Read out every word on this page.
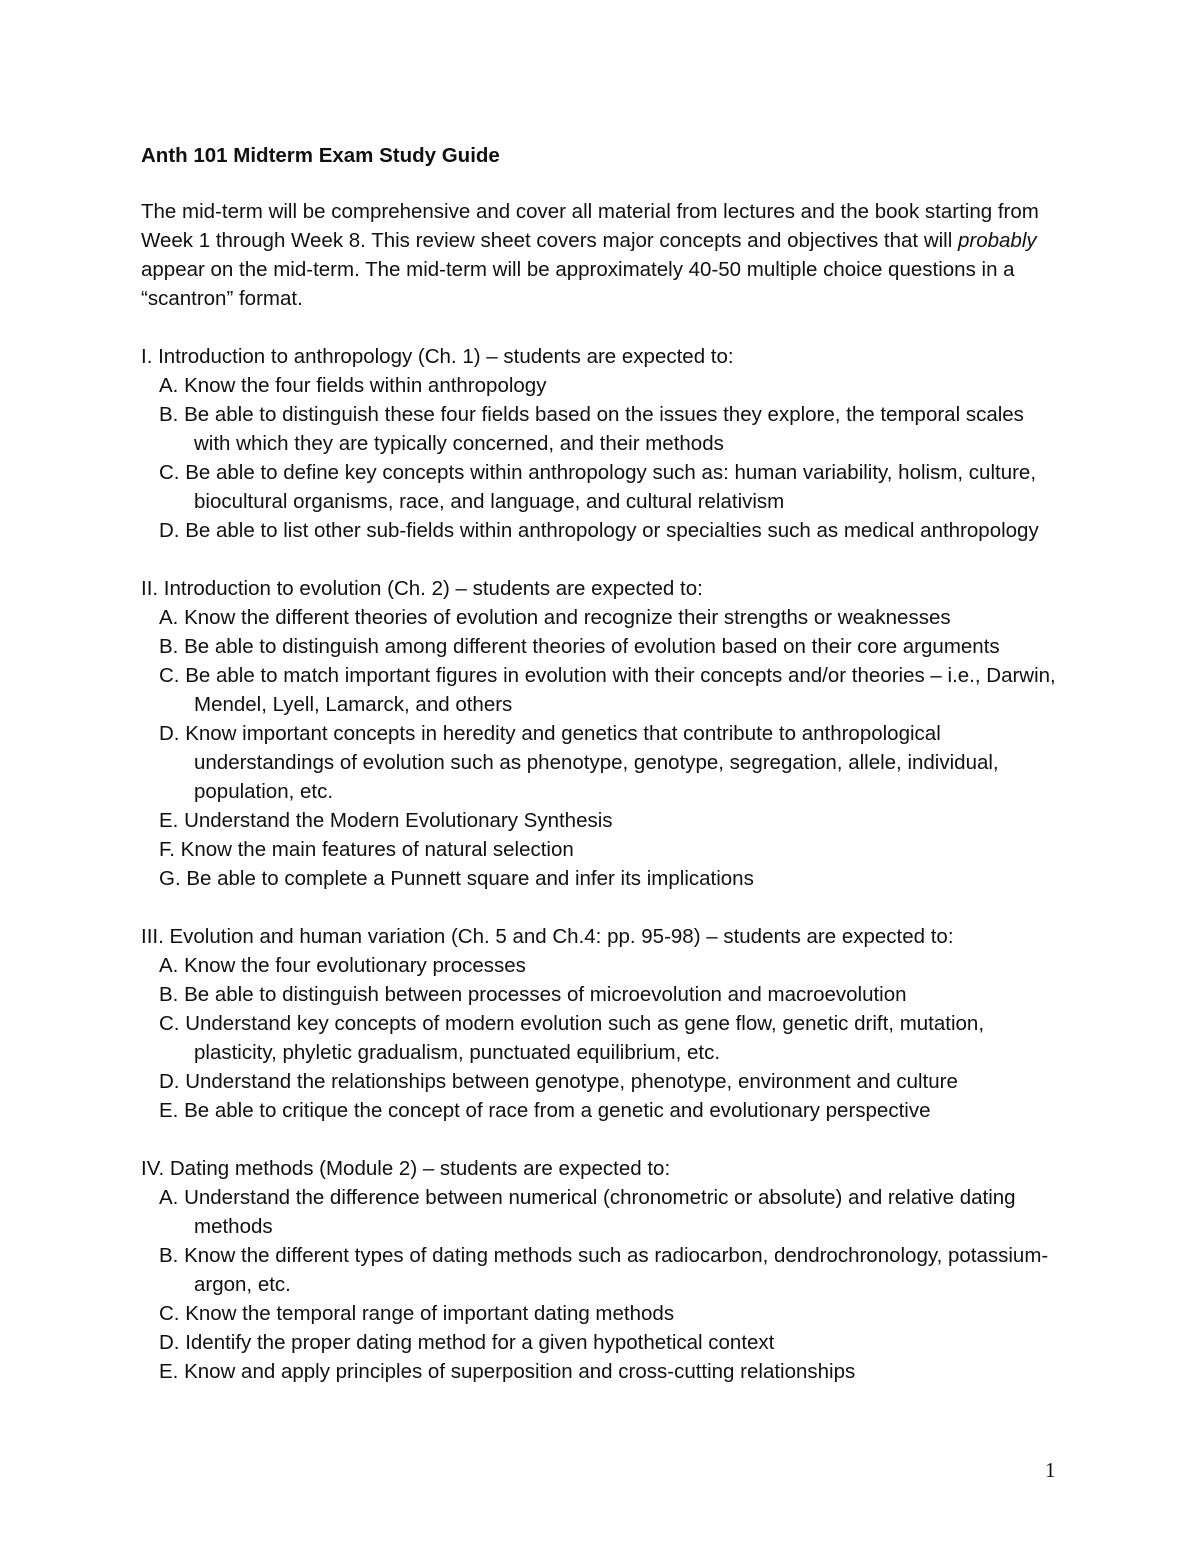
Anth 101 Midterm Exam Study Guide

The mid-term will be comprehensive and cover all material from lectures and the book starting from Week 1 through Week 8. This review sheet covers major concepts and objectives that will probably appear on the mid-term. The mid-term will be approximately 40-50 multiple choice questions in a “scantron” format.

I. Introduction to anthropology (Ch. 1) – students are expected to:

A. Know the four fields within anthropology

B. Be able to distinguish these four fields based on the issues they explore, the temporal scales with which they are typically concerned, and their methods

C. Be able to define key concepts within anthropology such as: human variability, holism, culture, biocultural organisms, race, and language, and cultural relativism

D. Be able to list other sub-fields within anthropology or specialties such as medical anthropology

II. Introduction to evolution (Ch. 2) – students are expected to:

A. Know the different theories of evolution and recognize their strengths or weaknesses

B. Be able to distinguish among different theories of evolution based on their core arguments

C. Be able to match important figures in evolution with their concepts and/or theories – i.e., Darwin, Mendel, Lyell, Lamarck, and others

D. Know important concepts in heredity and genetics that contribute to anthropological understandings of evolution such as phenotype, genotype, segregation, allele, individual, population, etc.

E. Understand the Modern Evolutionary Synthesis

F. Know the main features of natural selection

G. Be able to complete a Punnett square and infer its implications

III. Evolution and human variation (Ch. 5 and Ch.4: pp. 95-98) – students are expected to:

A. Know the four evolutionary processes

B. Be able to distinguish between processes of microevolution and macroevolution

C. Understand key concepts of modern evolution such as gene flow, genetic drift, mutation, plasticity, phyletic gradualism, punctuated equilibrium, etc.

D. Understand the relationships between genotype, phenotype, environment and culture

E. Be able to critique the concept of race from a genetic and evolutionary perspective

IV. Dating methods (Module 2) – students are expected to:

A. Understand the difference between numerical (chronometric or absolute) and relative dating methods

B. Know the different types of dating methods such as radiocarbon, dendrochronology, potassium-argon, etc.

C. Know the temporal range of important dating methods

D. Identify the proper dating method for a given hypothetical context

E. Know and apply principles of superposition and cross-cutting relationships

1
